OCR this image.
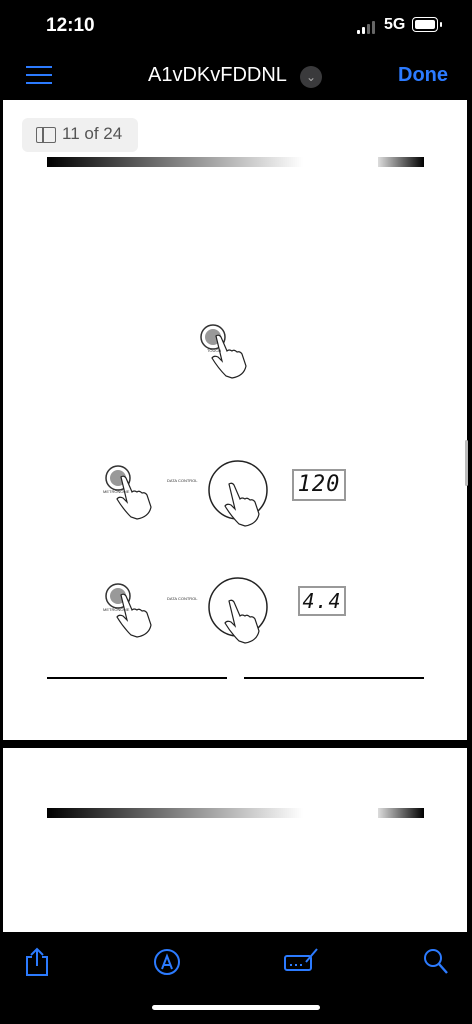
12:10	5G
A1vDKvFDDNL	⌄	Done
11 of 24
DIGITAL PIANO
10. Touch Sensitivity
Press [TOUCH] button repeatedly, you can select four type of touch sensitivity styles to
accommodate your play and the button indicator will light.
LOW style: require more strength to produce maximal sound.
NORMAL style: require standard strength to produce maximal sound.
HIGH style: require less strength to produce maximal sound.
FIXED style: when touch is off, the same volume is produced no matter how strongly or
softly you play the keyboard.
TOUCH
11.Metronome
Press the [METRONOME] button, you can turn on or off metronome function.
When this function is on, you can select speed by [DATA CONTROL] knob, range(20-280).
If 5 seconds do not work, the screen will return to the voice interface.
METRONOME
DATA CONTROL	120
Press and hold the [METRONOME] button until the LED display: 4.4, then release the button
and use the [DATA CONTROL] knob to select beat type (2.2,2.4,3.4,4.4,5.4,6.8,7.8,9.8,12.8).
METRONOME
DATA CONTROL	4.4
7
DIGITAL PIANO
12. Transpose
The Transpose function will raise or lower the pitch of the keyboard in semitone increments
from -12 to +12.
To turn Transpose on, press the [TRANS] button. The LED will display: 0.
Now use the [DATA CONTROL] knob to select the desired transpose value.
